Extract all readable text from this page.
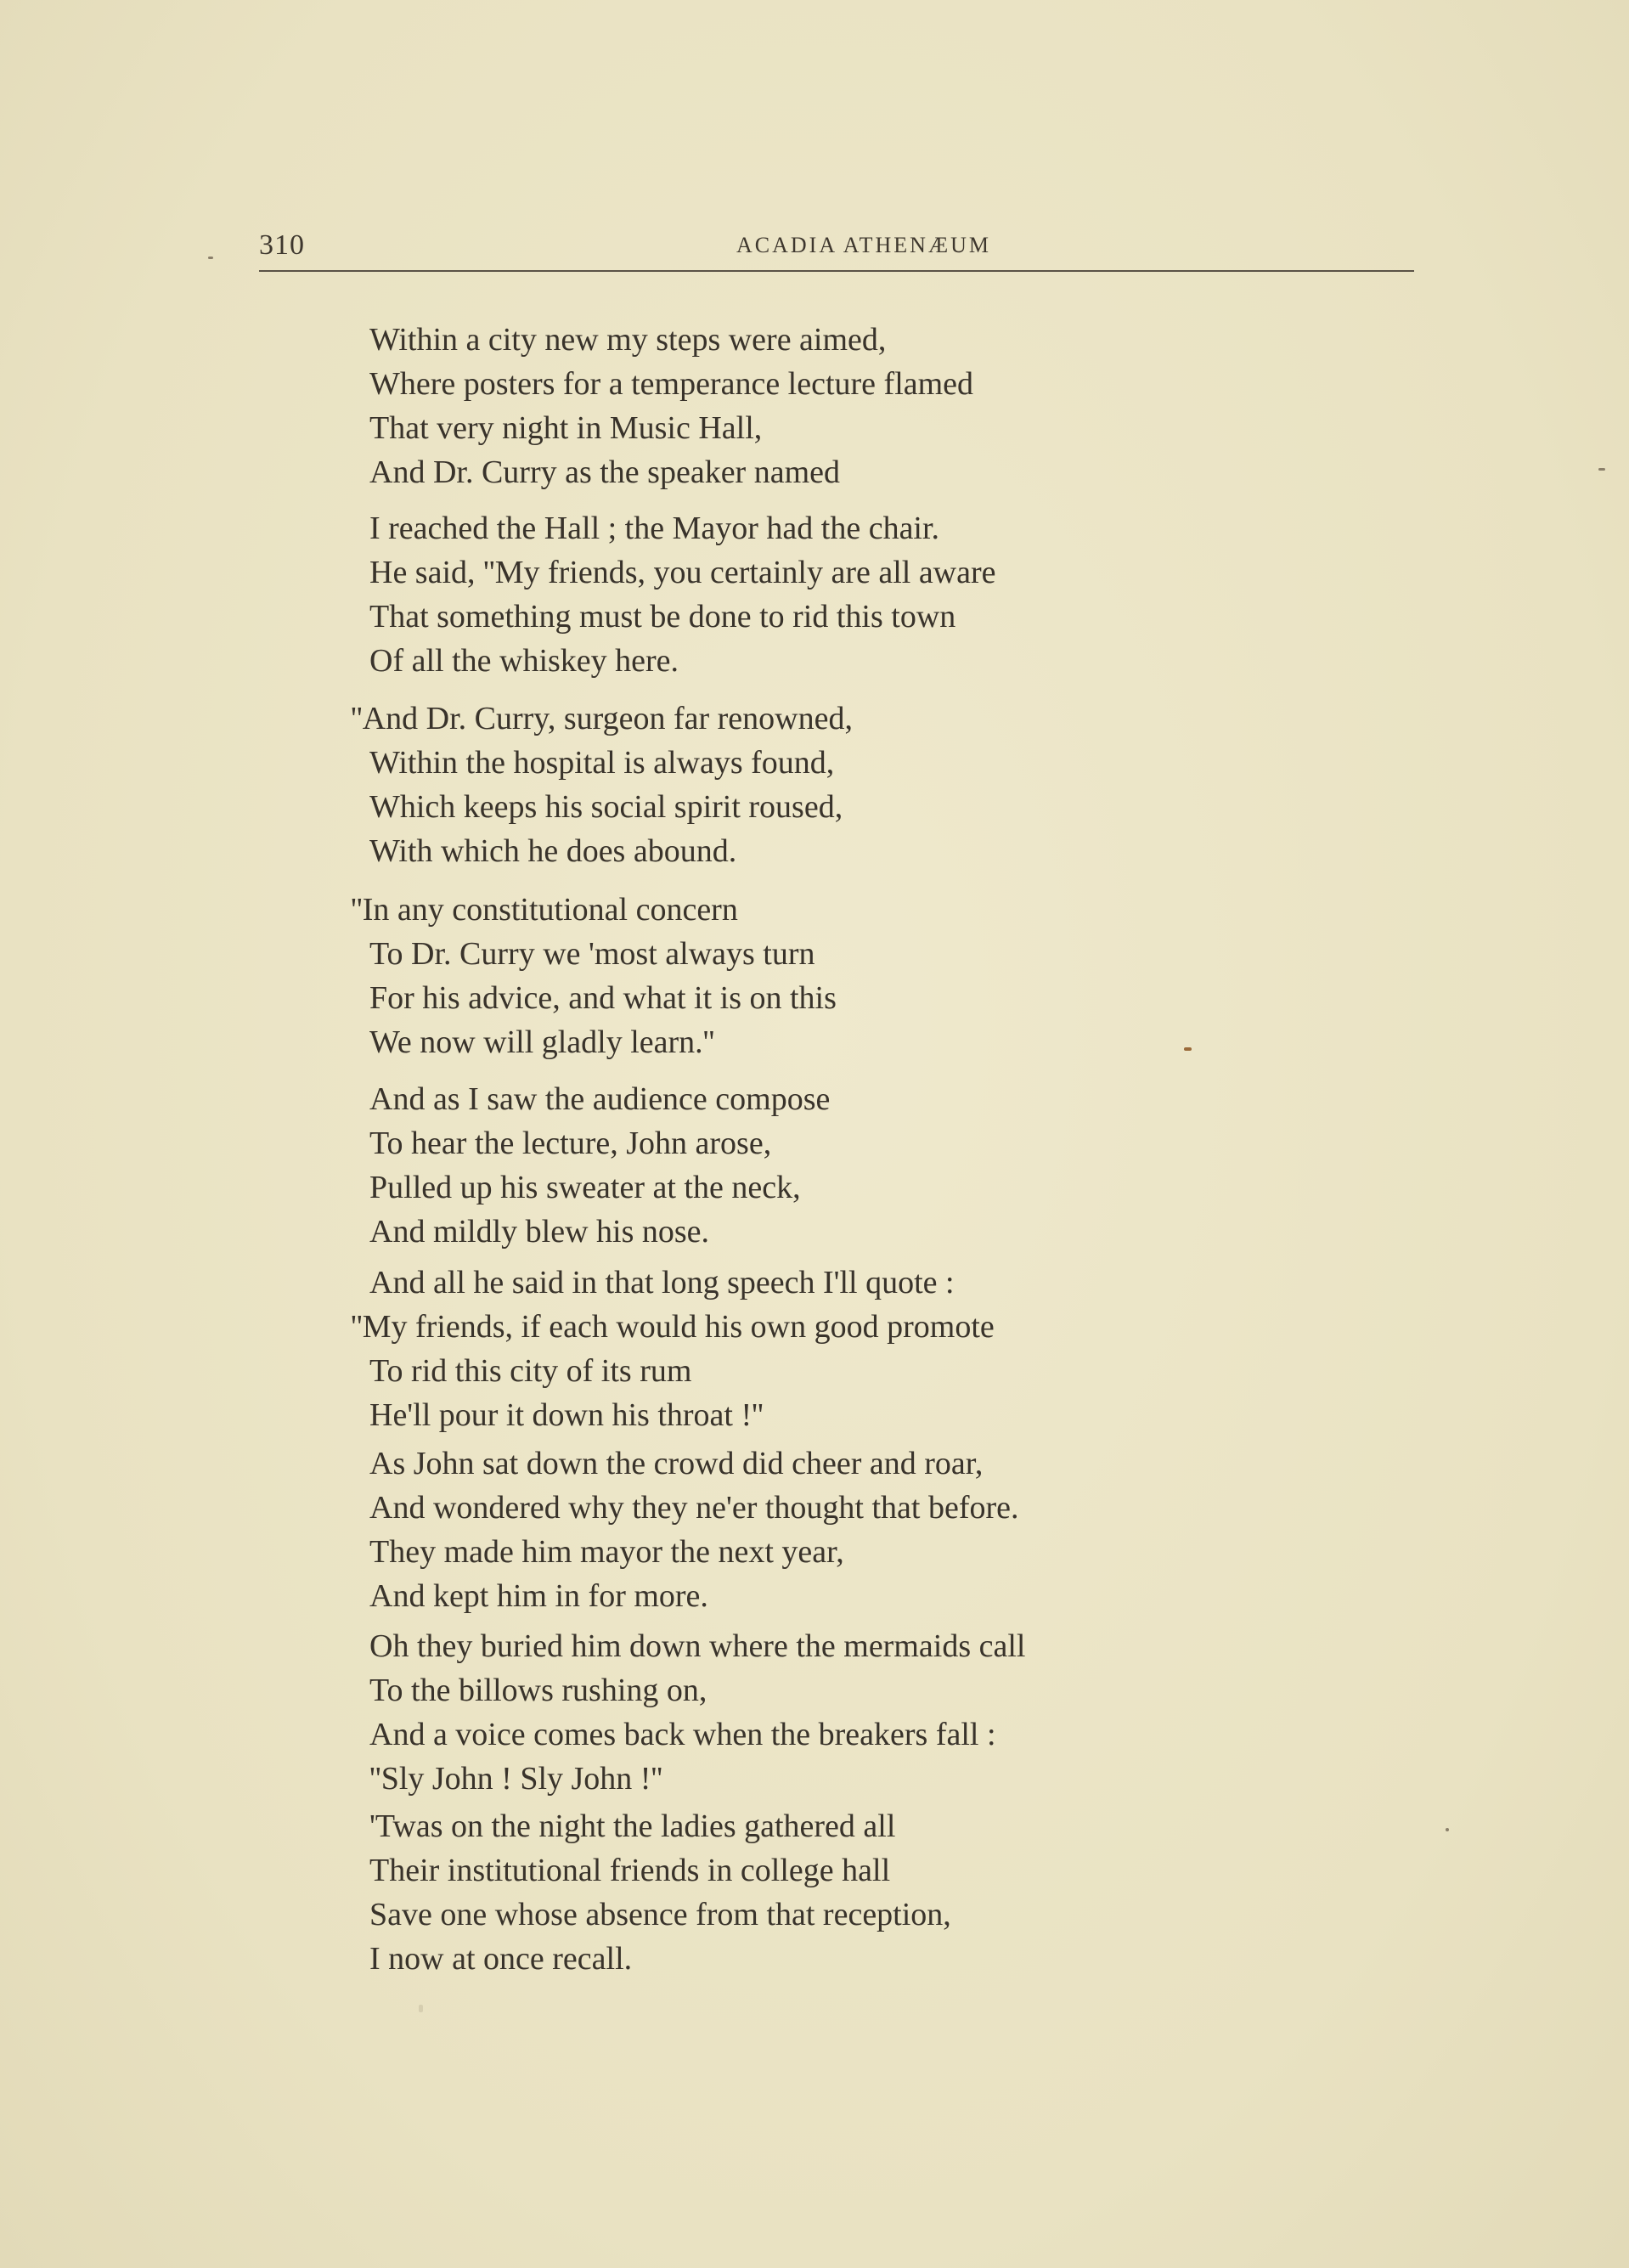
310	ACADIA ATHENÆUM
Within a city new my steps were aimed,
Where posters for a temperance lecture flamed
That very night in Music Hall,
And Dr. Curry as the speaker named
I reached the Hall ; the Mayor had the chair.
He said, ''My friends, you certainly are all aware
That something must be done to rid this town
Of all the whiskey here.
''And Dr. Curry, surgeon far renowned,
Within the hospital is always found,
Which keeps his social spirit roused,
With which he does abound.
''In any constitutional concern
To Dr. Curry we 'most always turn
For his advice, and what it is on this
We now will gladly learn.''
And as I saw the audience compose
To hear the lecture, John arose,
Pulled up his sweater at the neck,
And mildly blew his nose.
And all he said in that long speech I'll quote :
''My friends, if each would his own good promote
To rid this city of its rum
He'll pour it down his throat !''
As John sat down the crowd did cheer and roar,
And wondered why they ne'er thought that before.
They made him mayor the next year,
And kept him in for more.
Oh they buried him down where the mermaids call
To the billows rushing on,
And a voice comes back when the breakers fall :
''Sly John ! Sly John !''
'Twas on the night the ladies gathered all
Their institutional friends in college hall
Save one whose absence from that reception,
I now at once recall.
